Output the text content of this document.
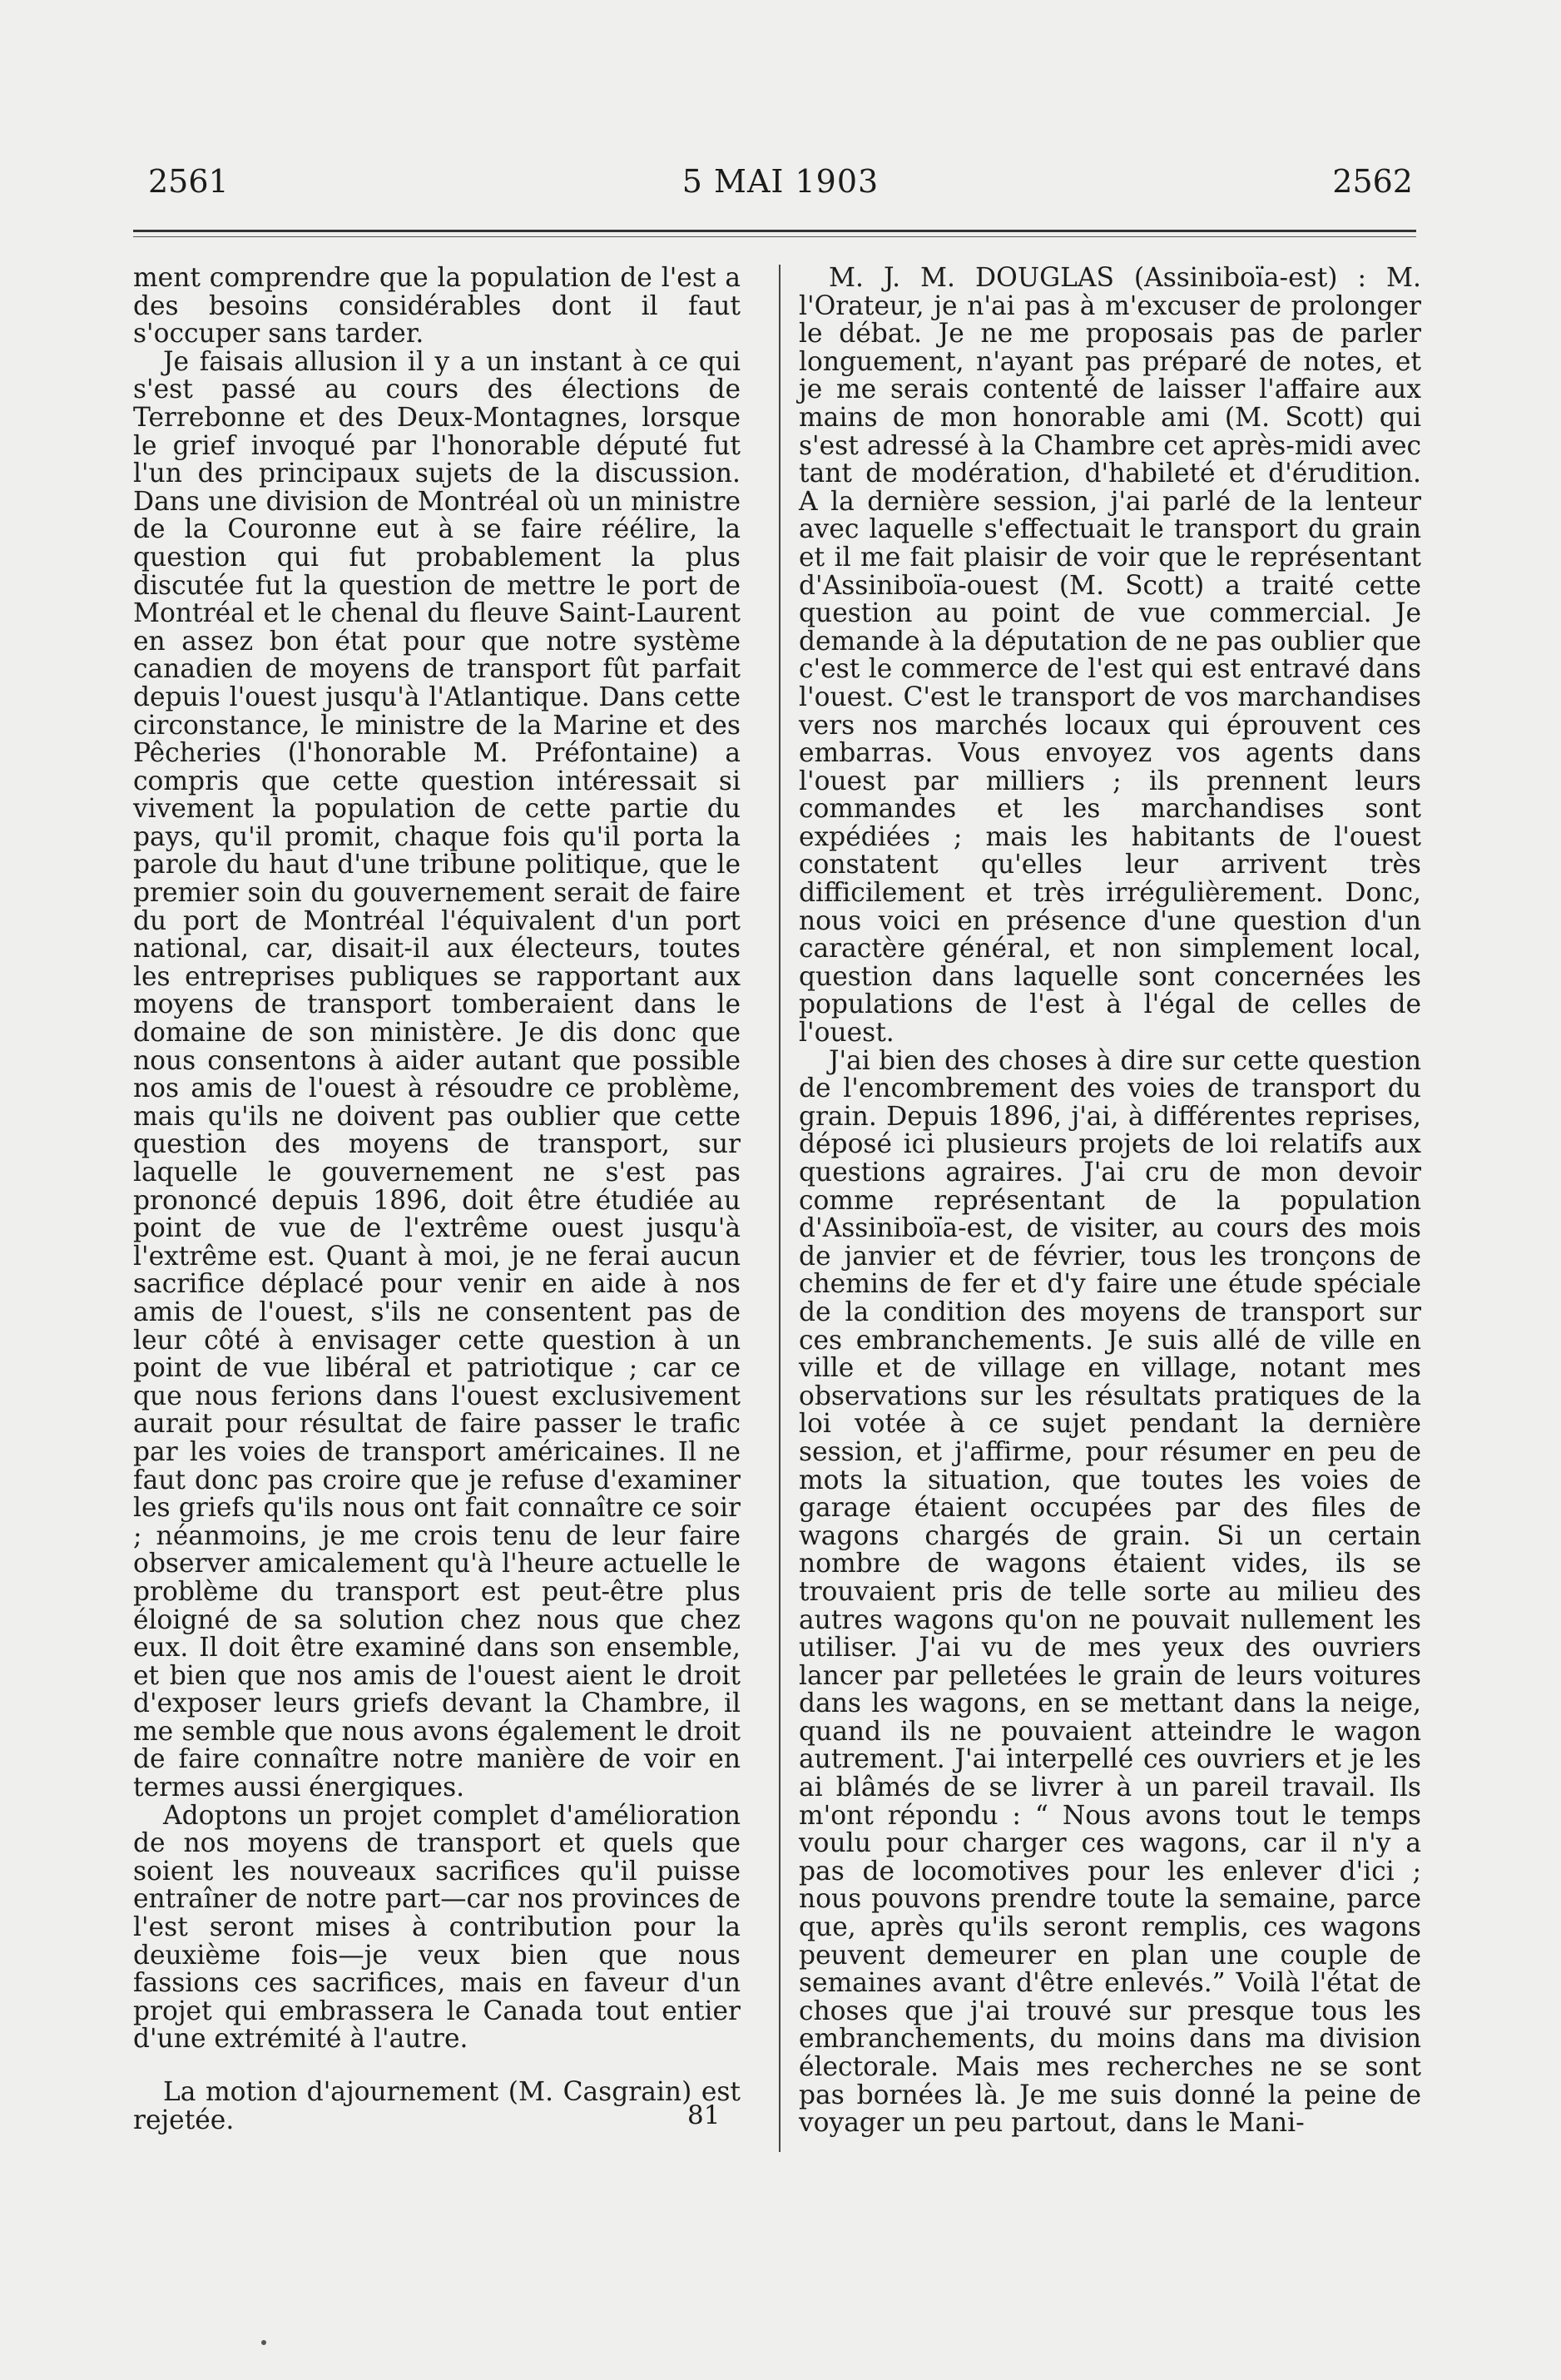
2561	5 MAI 1903	2562

ment comprendre que la population de l'est a des besoins considérables dont il faut s'occuper sans tarder.

Je faisais allusion il y a un instant à ce qui s'est passé au cours des élections de Terrebonne et des Deux-Montagnes, lorsque le grief invoqué par l'honorable député fut l'un des principaux sujets de la discussion. Dans une division de Montréal où un ministre de la Couronne eut à se faire réélire, la question qui fut probablement la plus discutée fut la question de mettre le port de Montréal et le chenal du fleuve Saint-Laurent en assez bon état pour que notre système canadien de moyens de transport fût parfait depuis l'ouest jusqu'à l'Atlantique. Dans cette circonstance, le ministre de la Marine et des Pêcheries (l'honorable M. Préfontaine) a compris que cette question intéressait si vivement la population de cette partie du pays, qu'il promit, chaque fois qu'il porta la parole du haut d'une tribune politique, que le premier soin du gouvernement serait de faire du port de Montréal l'équivalent d'un port national, car, disait-il aux électeurs, toutes les entreprises publiques se rapportant aux moyens de transport tomberaient dans le domaine de son ministère. Je dis donc que nous consentons à aider autant que possible nos amis de l'ouest à résoudre ce problème, mais qu'ils ne doivent pas oublier que cette question des moyens de transport, sur laquelle le gouvernement ne s'est pas prononcé depuis 1896, doit être étudiée au point de vue de l'extrême ouest jusqu'à l'extrême est. Quant à moi, je ne ferai aucun sacrifice déplacé pour venir en aide à nos amis de l'ouest, s'ils ne consentent pas de leur côté à envisager cette question à un point de vue libéral et patriotique ; car ce que nous ferions dans l'ouest exclusivement aurait pour résultat de faire passer le trafic par les voies de transport américaines. Il ne faut donc pas croire que je refuse d'examiner les griefs qu'ils nous ont fait connaître ce soir ; néanmoins, je me crois tenu de leur faire observer amicalement qu'à l'heure actuelle le problème du transport est peut-être plus éloigné de sa solution chez nous que chez eux. Il doit être examiné dans son ensemble, et bien que nos amis de l'ouest aient le droit d'exposer leurs griefs devant la Chambre, il me semble que nous avons également le droit de faire connaître notre manière de voir en termes aussi énergiques.

Adoptons un projet complet d'amélioration de nos moyens de transport et quels que soient les nouveaux sacrifices qu'il puisse entraîner de notre part—car nos provinces de l'est seront mises à contribution pour la deuxième fois—je veux bien que nous fassions ces sacrifices, mais en faveur d'un projet qui embrassera le Canada tout entier d'une extrémité à l'autre.

La motion d'ajournement (M. Casgrain) est rejetée.	81

M. J. M. DOUGLAS (Assiniboïa-est) : M. l'Orateur, je n'ai pas à m'excuser de prolonger le débat. Je ne me proposais pas de parler longuement, n'ayant pas préparé de notes, et je me serais contenté de laisser l'affaire aux mains de mon honorable ami (M. Scott) qui s'est adressé à la Chambre cet après-midi avec tant de modération, d'habileté et d'érudition. A la dernière session, j'ai parlé de la lenteur avec laquelle s'effectuait le transport du grain et il me fait plaisir de voir que le représentant d'Assiniboïa-ouest (M. Scott) a traité cette question au point de vue commercial. Je demande à la députation de ne pas oublier que c'est le commerce de l'est qui est entravé dans l'ouest. C'est le transport de vos marchandises vers nos marchés locaux qui éprouvent ces embarras. Vous envoyez vos agents dans l'ouest par milliers ; ils prennent leurs commandes et les marchandises sont expédiées ; mais les habitants de l'ouest constatent qu'elles leur arrivent très difficilement et très irrégulièrement. Donc, nous voici en présence d'une question d'un caractère général, et non simplement local, question dans laquelle sont concernées les populations de l'est à l'égal de celles de l'ouest.

J'ai bien des choses à dire sur cette question de l'encombrement des voies de transport du grain. Depuis 1896, j'ai, à différentes reprises, déposé ici plusieurs projets de loi relatifs aux questions agraires. J'ai cru de mon devoir comme représentant de la population d'Assiniboïa-est, de visiter, au cours des mois de janvier et de février, tous les tronçons de chemins de fer et d'y faire une étude spéciale de la condition des moyens de transport sur ces embranchements. Je suis allé de ville en ville et de village en village, notant mes observations sur les résultats pratiques de la loi votée à ce sujet pendant la dernière session, et j'affirme, pour résumer en peu de mots la situation, que toutes les voies de garage étaient occupées par des files de wagons chargés de grain. Si un certain nombre de wagons étaient vides, ils se trouvaient pris de telle sorte au milieu des autres wagons qu'on ne pouvait nullement les utiliser. J'ai vu de mes yeux des ouvriers lancer par pelletées le grain de leurs voitures dans les wagons, en se mettant dans la neige, quand ils ne pouvaient atteindre le wagon autrement. J'ai interpellé ces ouvriers et je les ai blâmés de se livrer à un pareil travail. Ils m'ont répondu : “ Nous avons tout le temps voulu pour charger ces wagons, car il n'y a pas de locomotives pour les enlever d'ici ; nous pouvons prendre toute la semaine, parce que, après qu'ils seront remplis, ces wagons peuvent demeurer en plan une couple de semaines avant d'être enlevés.” Voilà l'état de choses que j'ai trouvé sur presque tous les embranchements, du moins dans ma division électorale. Mais mes recherches ne se sont pas bornées là. Je me suis donné la peine de voyager un peu partout, dans le Mani-
